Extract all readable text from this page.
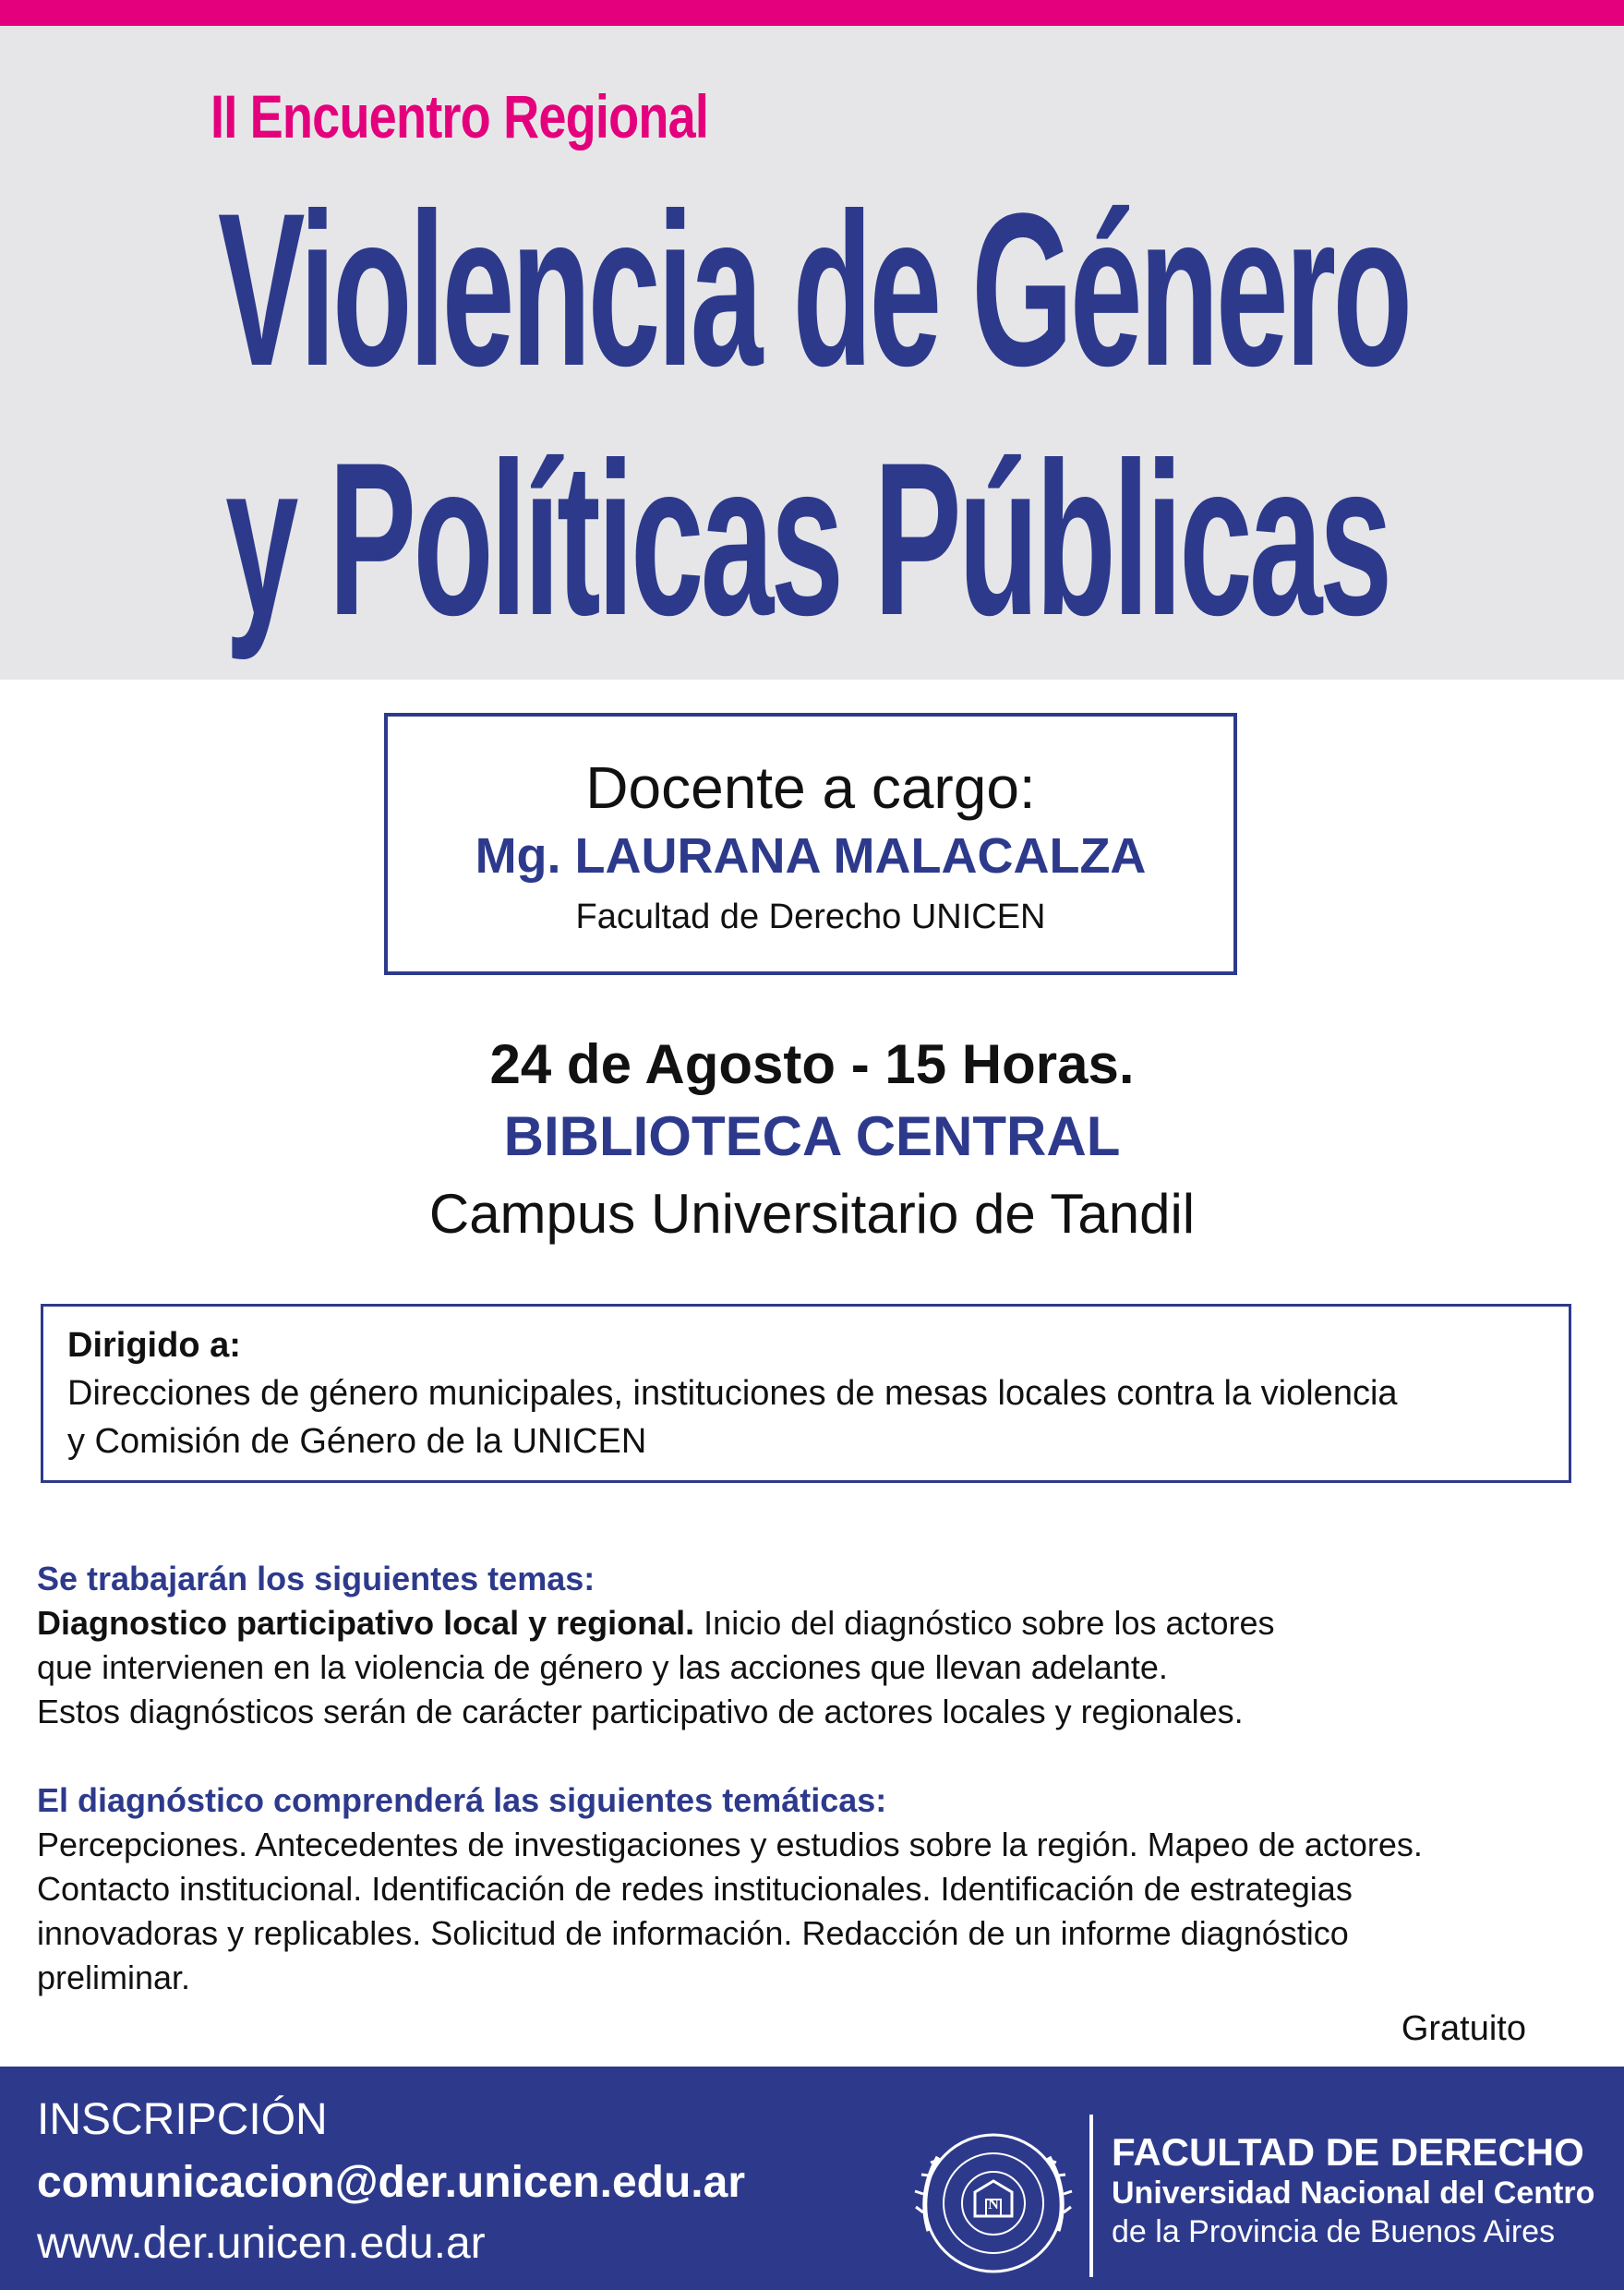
II Encuentro Regional
Violencia de Género
y Políticas Públicas
Docente a cargo:
Mg. LAURANA MALACALZA
Facultad de Derecho UNICEN
24 de Agosto - 15 Horas.
BIBLIOTECA CENTRAL
Campus Universitario de Tandil
Dirigido a:
Direcciones de género municipales, instituciones de mesas locales contra la violencia
y Comisión de Género de la UNICEN

Se trabajarán los siguientes temas:

Diagnostico participativo local y regional. Inicio del diagnóstico sobre los actores

que intervienen en la violencia de género y las acciones que llevan adelante.

Estos diagnósticos serán de carácter participativo de actores locales y regionales.

El diagnóstico comprenderá las siguientes temáticas:

Percepciones. Antecedentes de investigaciones y estudios sobre la región. Mapeo de actores.

Contacto institucional. Identificación de redes institucionales. Identificación de estrategias

innovadoras y replicables. Solicitud de información. Redacción de un informe diagnóstico

preliminar.

Gratuito
INSCRIPCIÓN
comunicacion@der.unicen.edu.ar
www.der.unicen.edu.ar
N
FACULTAD DE DERECHO
Universidad Nacional del Centro
de la Provincia de Buenos Aires
